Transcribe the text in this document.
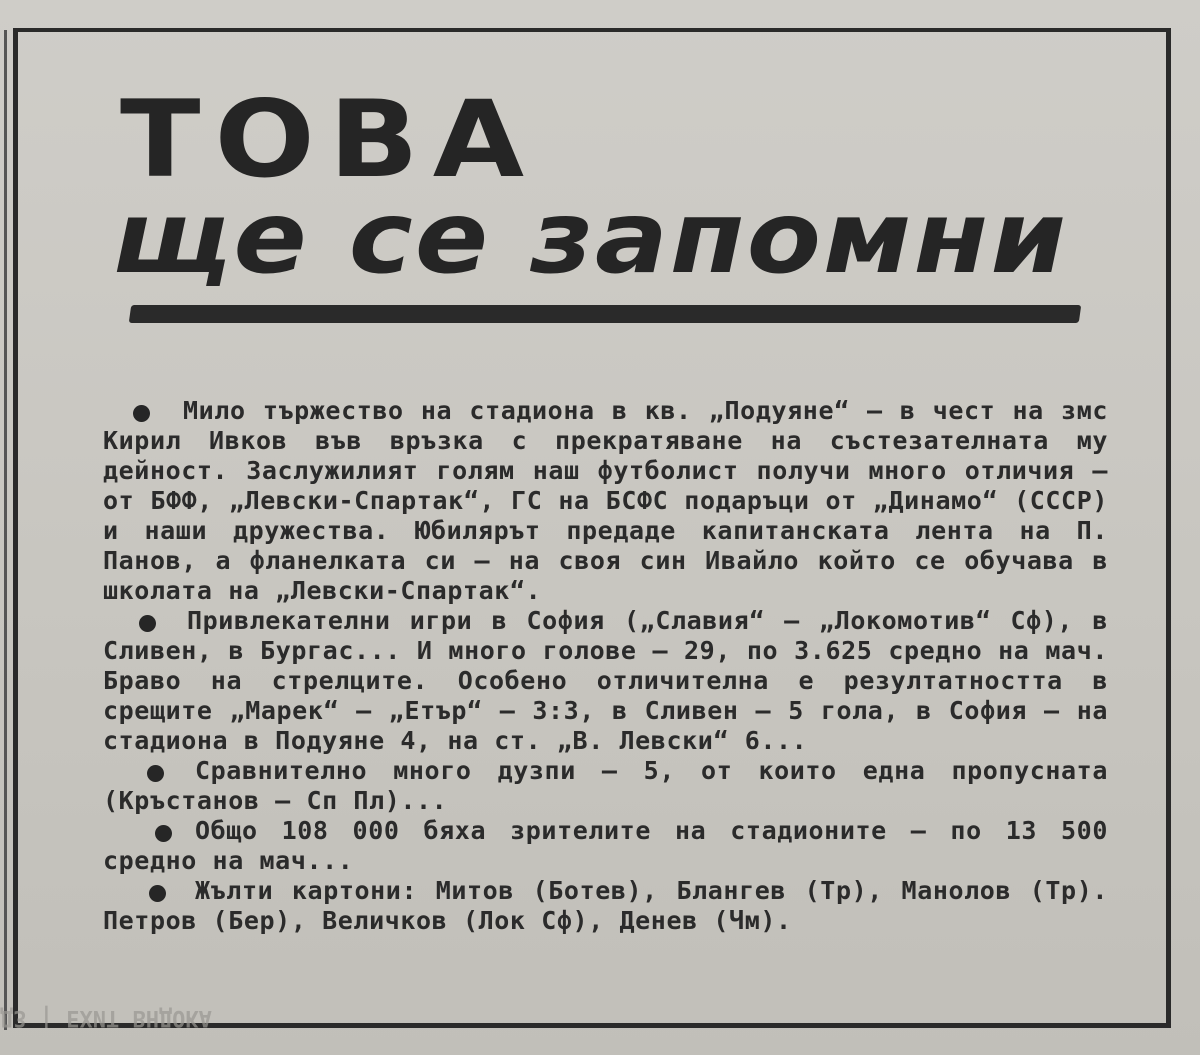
ТОВА
ще се запомни

Мило тържество на стадиона в кв. „Подуяне“ — в чест на змс Кирил Ивков във връзка с прекратяване на състезателната му дейност. Заслужилият голям наш футболист получи много отличия — от БФФ, „Левски-Спартак“, ГС на БСФС подаръци от „Динамо“ (СССР) и наши дружества. Юбилярът предаде капитанската лента на П. Панов, а фланелката си — на своя син Ивайло който се обучава в школата на „Левски-Спартак“.

Привлекателни игри в София („Славия“ — „Локомотив“ Сф), в Сливен, в Бургас... И много голове — 29, по 3.625 средно на мач. Браво на стрелците. Особено отличителна е резултатността в срещите „Марек“ — „Етър“ — 3:3, в Сливен — 5 гола, в София — на стадиона в Подуяне 4, на ст. „В. Левски“ 6...

Сравнително много дузпи — 5, от които една пропусната (Кръстанов — Сп Пл)...

Общо 108 000 бяха зрителите на стадионите — по 13 500 средно на мач...

Жълти картони: Митов (Ботев), Блангев (Тр), Манолов (Тр). Петров (Бер), Величков (Лок Сф), Денев (Чм).

ДЗ | ЕХИТ ВНДОКА
